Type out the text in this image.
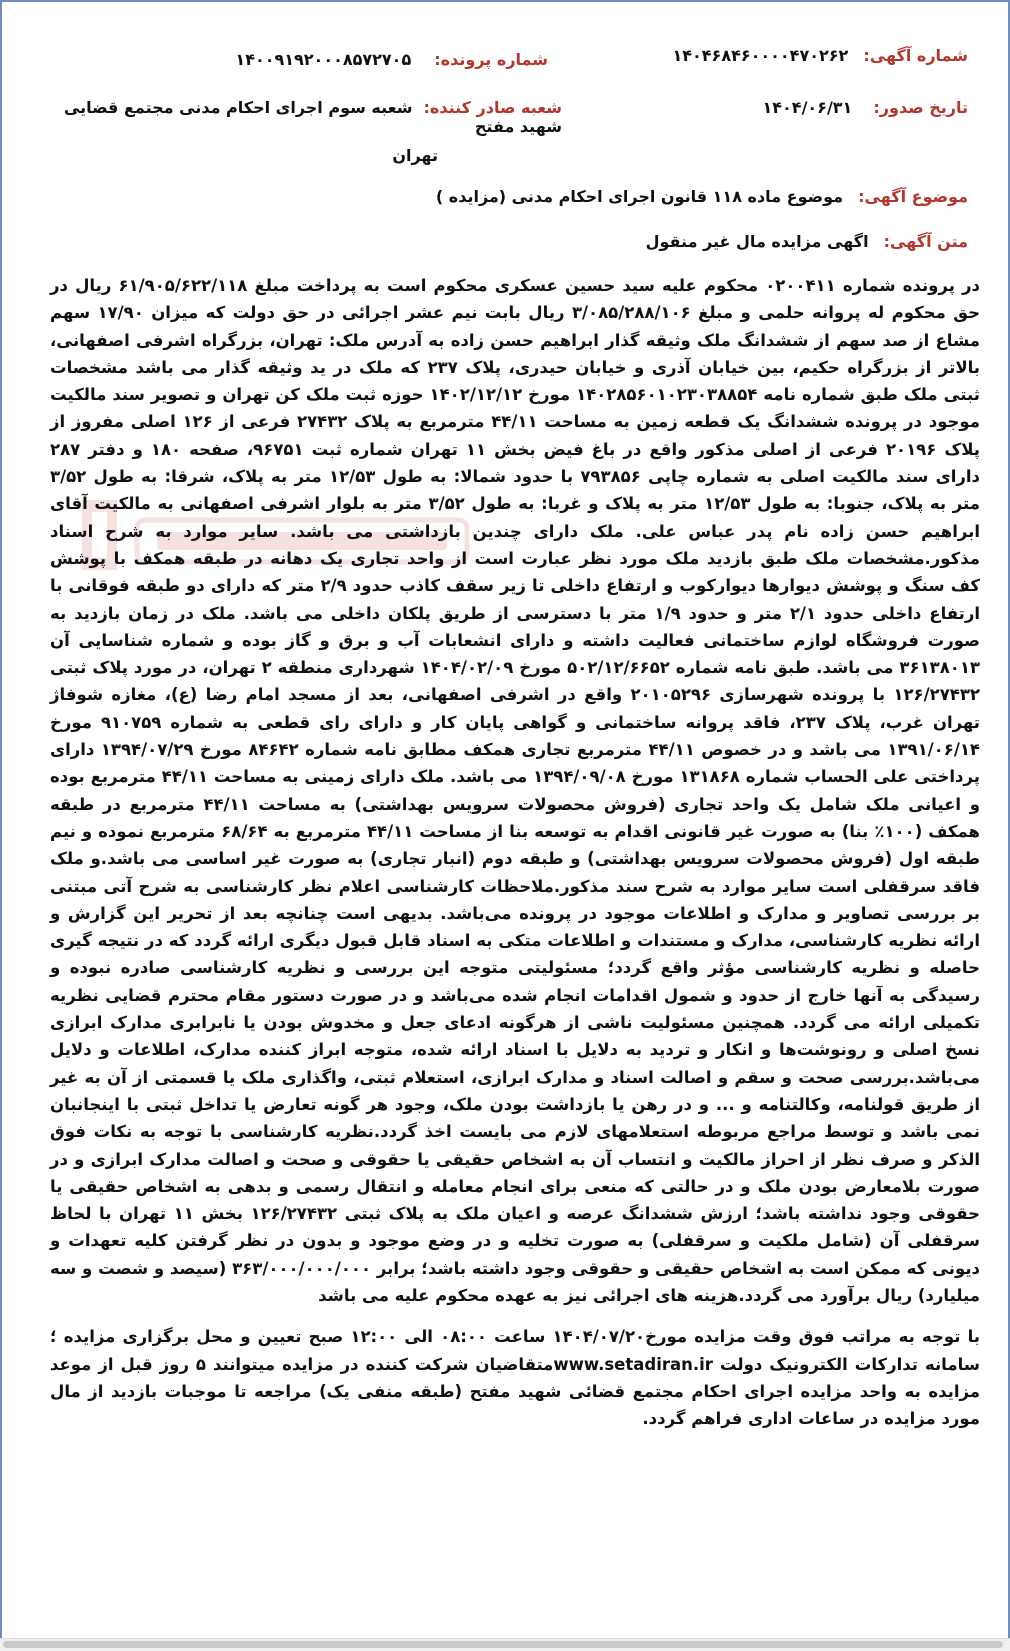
شماره آگهی: ۱۴۰۴۶۸۴۶۰۰۰۰۴۷۰۲۶۲
شماره پرونده: ۱۴۰۰۹۱۹۲۰۰۰۸۵۷۲۷۰۵
تاریخ صدور: ۱۴۰۴/۰۶/۳۱
شعبه صادر کننده: شعبه سوم اجرای احکام مدنی مجتمع قضایی شهید مفتح
تهران
موضوع آگهی: موضوع ماده ۱۱۸ قانون اجرای احکام مدنی (مزایده )
متن آگهی: اگهی مزایده مال غیر منقول

در پرونده شماره ۰۲۰۰۴۱۱ محکوم علیه سید حسین عسکری محکوم است به پرداخت مبلغ ۶۱/۹۰۵/۶۲۲/۱۱۸ ریال در حق محکوم له پروانه حلمی و مبلغ ۳/۰۸۵/۲۸۸/۱۰۶ ریال بابت نیم عشر اجرائی در حق دولت که میزان ۱۷/۹۰ سهم مشاع از صد سهم از ششدانگ ملک وثیقه گذار ابراهیم حسن زاده به آدرس ملک: تهران، بزرگراه اشرفی اصفهانی، بالاتر از بزرگراه حکیم، بین خیابان آذری و خیابان حیدری، پلاک ۲۳۷ که ملک در ید وثیقه گذار می باشد مشخصات ثبتی ملک طبق شماره نامه ۱۴۰۲۸۵۶۰۱۰۲۳۰۳۸۸۵۴ مورخ ۱۴۰۲/۱۲/۱۲ حوزه ثبت ملک کن تهران و تصویر سند مالکیت موجود در پرونده ششدانگ یک قطعه زمین به مساحت ۴۴/۱۱ مترمربع به پلاک ۲۷۴۳۲ فرعی از ۱۲۶ اصلی مفروز از پلاک ۲۰۱۹۶ فرعی از اصلی مذکور واقع در باغ فیض بخش ۱۱ تهران شماره ثبت ۹۶۷۵۱، صفحه ۱۸۰ و دفتر ۲۸۷ دارای سند مالکیت اصلی به شماره چاپی ۷۹۳۸۵۶ با حدود شمالا: به طول ۱۲/۵۳ متر به پلاک، شرقا: به طول ۳/۵۲ متر به پلاک، جنوبا: به طول ۱۲/۵۳ متر به پلاک و غربا: به طول ۳/۵۲ متر به بلوار اشرفی اصفهانی به مالکیت آقای ابراهیم حسن زاده نام پدر عباس علی. ملک دارای چندین بازداشتی می باشد. سایر موارد به شرح اسناد مذکور.مشخصات ملک طبق بازدید ملک مورد نظر عبارت است از واحد تجاری یک دهانه در طبقه همکف با پوشش کف سنگ و پوشش دیوارها دیوارکوب و ارتفاع داخلی تا زیر سقف کاذب حدود ۲/۹ متر که دارای دو طبقه فوقانی با ارتفاع داخلی حدود ۲/۱ متر و حدود ۱/۹ متر با دسترسی از طریق پلکان داخلی می باشد. ملک در زمان بازدید به صورت فروشگاه لوازم ساختمانی فعالیت داشته و دارای انشعابات آب و برق و گاز بوده و شماره شناسایی آن ۳۶۱۳۸۰۱۳ می باشد. طبق نامه شماره ۵۰۲/۱۲/۶۶۵۲ مورخ ۱۴۰۴/۰۲/۰۹ شهرداری منطقه ۲ تهران، در مورد پلاک ثبتی ۱۲۶/۲۷۴۳۲ با پرونده شهرسازی ۲۰۱۰۵۲۹۶ واقع در اشرفی اصفهانی، بعد از مسجد امام رضا (ع)، مغازه شوفاژ تهران غرب، پلاک ۲۳۷، فاقد پروانه ساختمانی و گواهی پایان کار و دارای رای قطعی به شماره ۹۱۰۷۵۹ مورخ ۱۳۹۱/۰۶/۱۴ می باشد و در خصوص ۴۴/۱۱ مترمربع تجاری همکف مطابق نامه شماره ۸۴۶۴۲ مورخ ۱۳۹۴/۰۷/۲۹ دارای پرداختی علی الحساب شماره ۱۳۱۸۶۸ مورخ ۱۳۹۴/۰۹/۰۸ می باشد. ملک دارای زمینی به مساحت ۴۴/۱۱ مترمربع بوده و اعیانی ملک شامل یک واحد تجاری (فروش محصولات سرویس بهداشتی) به مساحت ۴۴/۱۱ مترمربع در طبقه همکف (۱۰۰٪ بنا) به صورت غیر قانونی اقدام به توسعه بنا از مساحت ۴۴/۱۱ مترمربع به ۶۸/۶۴ مترمربع نموده و نیم طبقه اول (فروش محصولات سرویس بهداشتی) و طبقه دوم (انبار تجاری) به صورت غیر اساسی می باشد.و ملک فاقد سرقفلی است سایر موارد به شرح سند مذکور.ملاحظات کارشناسی اعلام نظر کارشناسی به شرح آتی مبتنی بر بررسی تصاویر و مدارک و اطلاعات موجود در پرونده می‌باشد. بدیهی است چنانچه بعد از تحریر این گزارش و ارائه نظریه کارشناسی، مدارک و مستندات و اطلاعات متکی به اسناد قابل قبول دیگری ارائه گردد که در نتیجه گیری حاصله و نظریه کارشناسی مؤثر واقع گردد؛ مسئولیتی متوجه این بررسی و نظریه کارشناسی صادره نبوده و رسیدگی به آنها خارج از حدود و شمول اقدامات انجام شده می‌باشد و در صورت دستور مقام محترم قضایی نظریه تکمیلی ارائه می گردد. همچنین مسئولیت ناشی از هرگونه ادعای جعل و مخدوش بودن یا نابرابری مدارک ابرازی نسخ اصلی و رونوشت‌ها و انکار و تردید به دلایل با اسناد ارائه شده، متوجه ابراز کننده مدارک، اطلاعات و دلایل می‌باشد.بررسی صحت و سقم و اصالت اسناد و مدارک ابرازی، استعلام ثبتی، واگذاری ملک یا قسمتی از آن به غیر از طریق قولنامه، وکالتنامه و ... و در رهن یا بازداشت بودن ملک، وجود هر گونه تعارض یا تداخل ثبتی با اینجانبان نمی باشد و توسط مراجع مربوطه استعلامهای لازم می بایست اخذ گردد.نظریه کارشناسی با توجه به نکات فوق الذکر و صرف نظر از احراز مالکیت و انتساب آن به اشخاص حقیقی یا حقوقی و صحت و اصالت مدارک ابرازی و در صورت بلامعارض بودن ملک و در حالتی که منعی برای انجام معامله و انتقال رسمی و بدهی به اشخاص حقیقی یا حقوقی وجود نداشته باشد؛ ارزش ششدانگ عرصه و اعیان ملک به پلاک ثبتی ۱۲۶/۲۷۴۳۲ بخش ۱۱ تهران با لحاظ سرقفلی آن (شامل ملکیت و سرقفلی) به صورت تخلیه و در وضع موجود و بدون در نظر گرفتن کلیه تعهدات و دیونی که ممکن است به اشخاص حقیقی و حقوقی وجود داشته باشد؛ برابر ۳۶۳/۰۰۰/۰۰۰/۰۰۰ (سیصد و شصت و سه میلیارد) ریال برآورد می گردد.هزینه های اجرائی نیز به عهده محکوم علیه می باشد

با توجه به مراتب فوق وقت مزایده مورخ۱۴۰۴/۰۷/۲۰ ساعت ۰۸:۰۰ الی ۱۲:۰۰ صبح تعیین و محل برگزاری مزایده ؛سامانه تدارکات الکترونیک دولت www.setadiran.irمتقاضیان شرکت کننده در مزایده میتوانند ۵ روز قبل از موعد مزایده به واحد مزایده اجرای احکام مجتمع قضائی شهید مفتح (طبقه منفی یک) مراجعه تا موجبات بازدید از مال مورد مزایده در ساعات اداری فراهم گردد.
